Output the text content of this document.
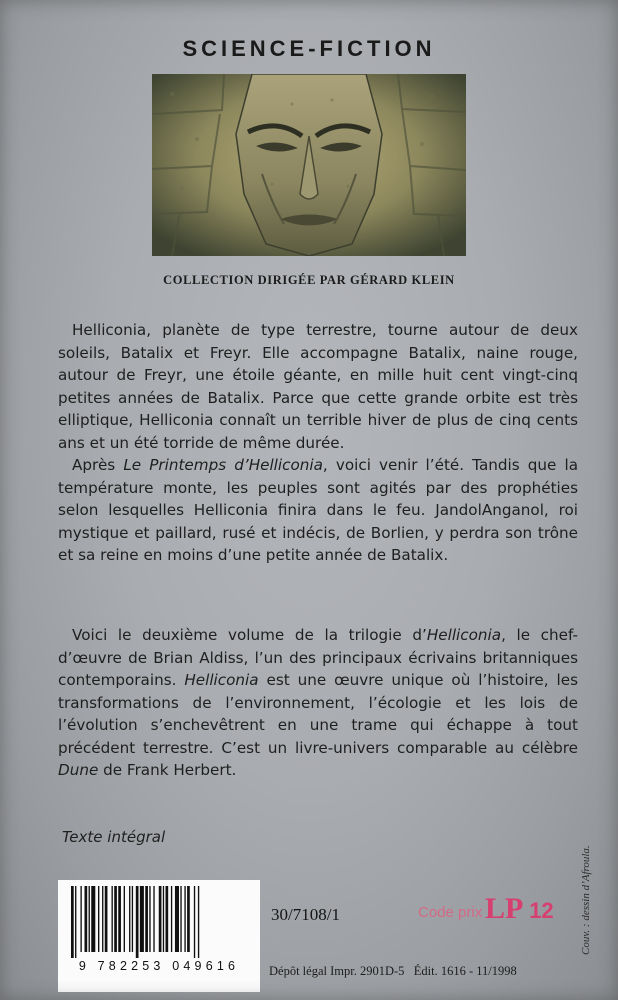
SCIENCE-FICTION
COLLECTION DIRIGÉE PAR GÉRARD KLEIN

Helliconia, planète de type terrestre, tourne autour de deux soleils, Batalix et Freyr. Elle accompagne Batalix, naine rouge, autour de Freyr, une étoile géante, en mille huit cent vingt-cinq petites années de Batalix. Parce que cette grande orbite est très elliptique, Helliconia connaît un terrible hiver de plus de cinq cents ans et un été torride de même durée.

Après Le Printemps d’Helliconia, voici venir l’été. Tandis que la température monte, les peuples sont agités par des prophéties selon lesquelles Helliconia finira dans le feu. JandolAnganol, roi mystique et paillard, rusé et indécis, de Borlien, y perdra son trône et sa reine en moins d’une petite année de Batalix.

Voici le deuxième volume de la trilogie d’Helliconia, le chef-d’œuvre de Brian Aldiss, l’un des principaux écrivains britanniques contemporains. Helliconia est une œuvre unique où l’histoire, les transformations de l’environnement, l’écologie et les lois de l’évolution s’enchevêtrent en une trame qui échappe à tout précédent terrestre. C’est un livre-univers comparable au célèbre Dune de Frank Herbert.

Texte intégral
9 782253 049616
30/7108/1	Code prix LP 12
Dépôt légal Impr. 2901D-5   Édit. 1616 - 11/1998
Couv. : dessin d’Afroula.
